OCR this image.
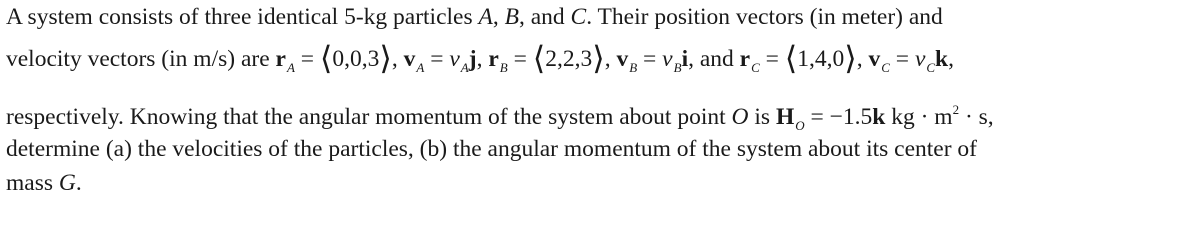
A system consists of three identical 5-kg particles A, B, and C. Their position vectors (in meter) and
velocity vectors (in m/s) are $r_A$ = ⟨0,0,3⟩, $v_A = v_Aj$, $r_B$ = ⟨2,2,3⟩, $v_B = v_Bi$, and $r_C$ = ⟨1,4,0⟩, $v_C = v_Ck$,
respectively. Knowing that the angular momentum of the system about point O is $H_O = -1.5k$ kg · $m^2 \cdot s$,
determine (a) the velocities of the particles, (b) the angular momentum of the system about its center of
mass G.
